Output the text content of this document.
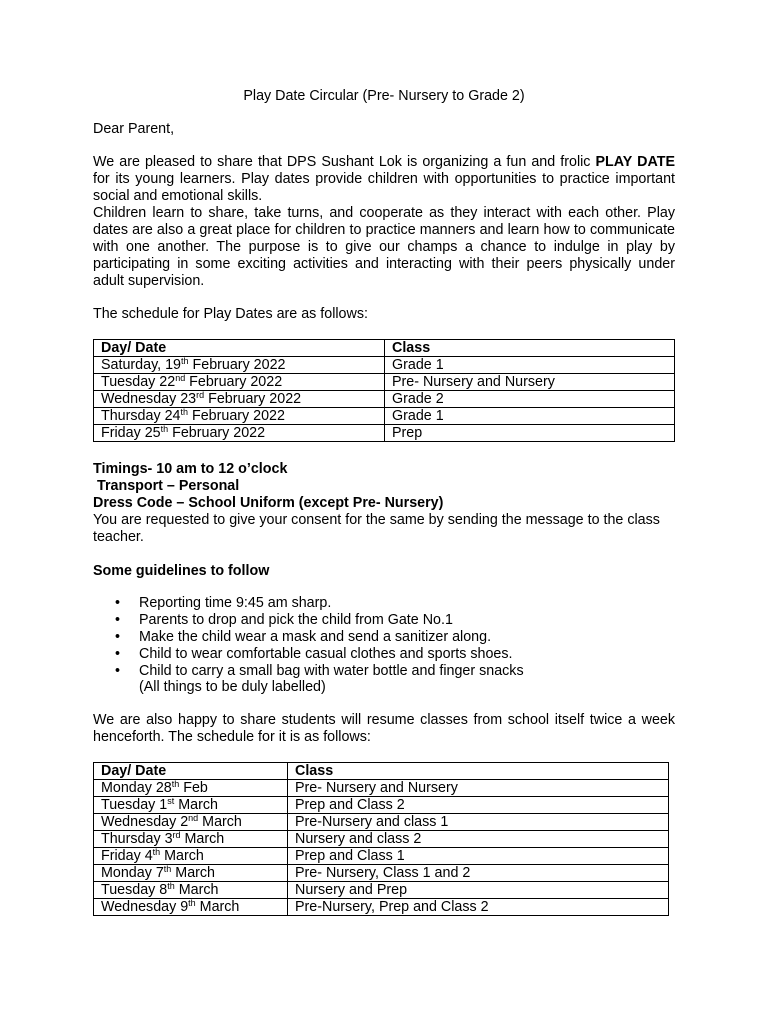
Play Date Circular (Pre- Nursery to Grade 2)

Dear Parent,

We are pleased to share that DPS Sushant Lok is organizing a fun and frolic PLAY DATE for its young learners. Play dates provide children with opportunities to practice important social and emotional skills.

Children learn to share, take turns, and cooperate as they interact with each other. Play dates are also a great place for children to practice manners and learn how to communicate with one another. The purpose is to give our champs a chance to indulge in play by participating in some exciting activities and interacting with their peers physically under adult supervision.

The schedule for Play Dates are as follows:

Day/ Date	Class
Saturday, 19th February 2022	Grade 1
Tuesday 22nd February 2022	Pre- Nursery and Nursery
Wednesday 23rd February 2022	Grade 2
Thursday 24th February 2022	Grade 1
Friday 25th February 2022	Prep

Timings- 10 am to 12 o’clock

Transport – Personal

Dress Code – School Uniform (except Pre- Nursery)

You are requested to give your consent for the same by sending the message to the class teacher.

Some guidelines to follow

• Reporting time 9:45 am sharp.
• Parents to drop and pick the child from Gate No.1
• Make the child wear a mask and send a sanitizer along.
• Child to wear comfortable casual clothes and sports shoes.
• Child to carry a small bag with water bottle and finger snacks

(All things to be duly labelled)

We are also happy to share students will resume classes from school itself twice a week henceforth. The schedule for it is as follows:

Day/ Date	Class
Monday 28th Feb	Pre- Nursery and Nursery
Tuesday 1st March	Prep and Class 2
Wednesday 2nd March	Pre-Nursery and class 1
Thursday 3rd March	Nursery and class 2
Friday 4th March	Prep and Class 1
Monday 7th March	Pre- Nursery, Class 1 and 2
Tuesday 8th March	Nursery and Prep
Wednesday 9th March	Pre-Nursery, Prep and Class 2
